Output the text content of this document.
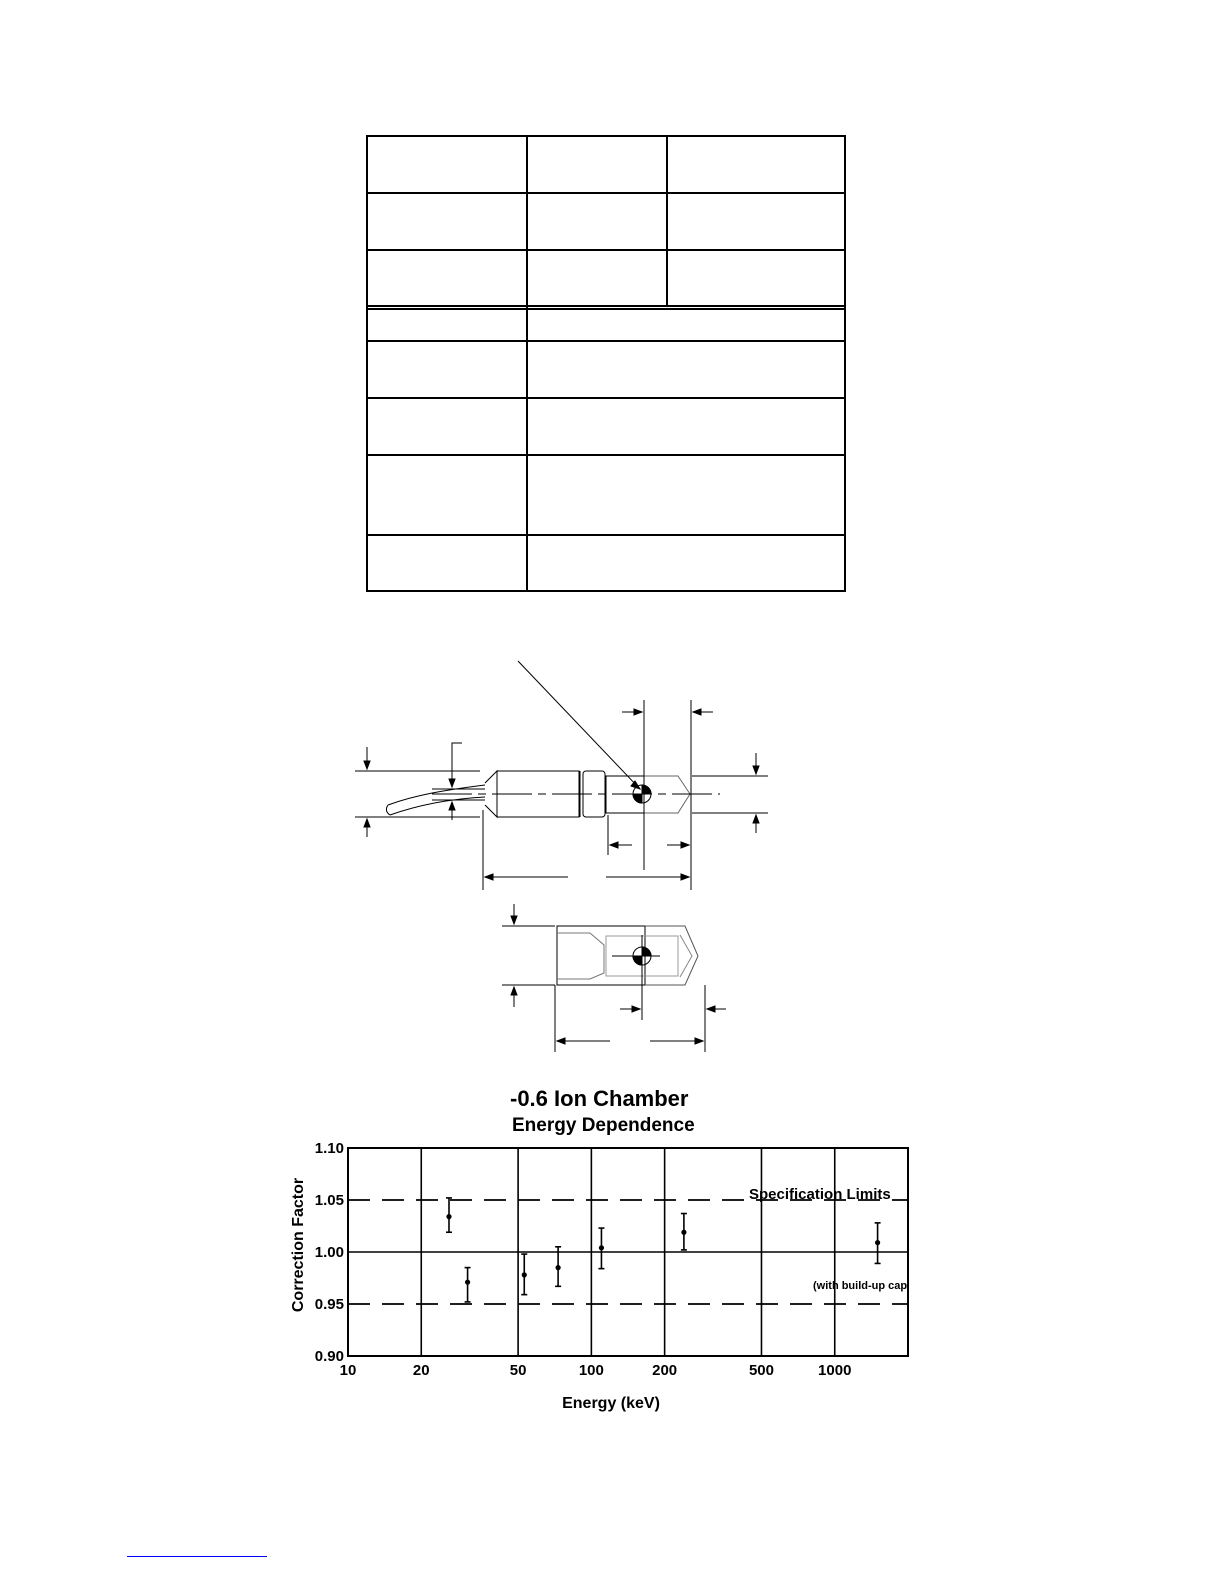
-0.6 Ion Chamber
Energy Dependence
0.90
0.95
1.00
1.05
1.10
10	20	50	100	200	500	1000
Specification Limits
(with build-up cap
Energy (keV)
Correction Factor
